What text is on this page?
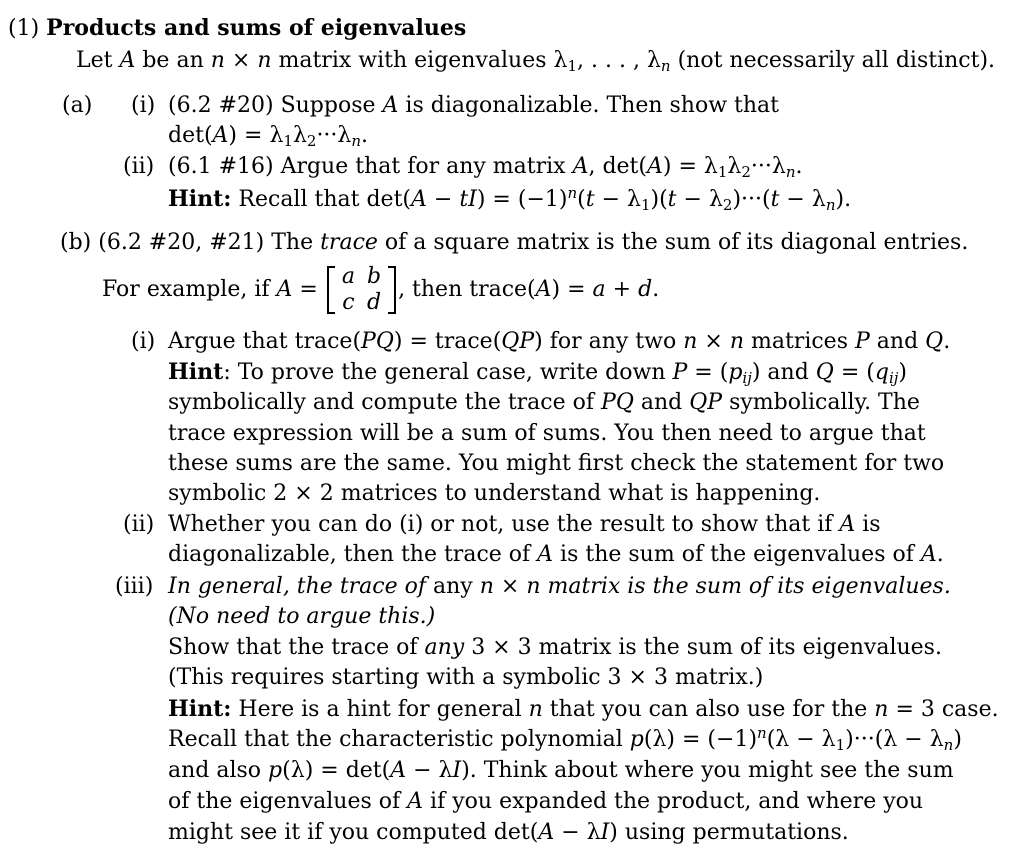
(1) Products and sums of eigenvalues
Let A be an n × n matrix with eigenvalues $\lambda_1$, . . . , $\lambda_n$ (not necessarily all distinct).
(a) (i) (6.2 #20) Suppose A is diagonalizable. Then show that
$\det(A) = \lambda_1\lambda_2\cdot\cdot\cdot\lambda_n$.
(ii) (6.1 #16) Argue that for any matrix A, $\det(A) = \lambda_1\lambda_2\cdot\cdot\cdot\lambda_n$.
Hint: Recall that $\det(A - tI) = (-1)^n(t - \lambda_1)(t - \lambda_2)\cdot\cdot\cdot(t - \lambda_n)$.
(b) (6.2 #20, #21) The trace of a square matrix is the sum of its diagonal entries.
For example, if A =
a	b
c	d
, then trace(A) = a + d.
(i) Argue that trace(PQ) = trace(QP) for any two n × n matrices P and Q.
Hint: To prove the general case, write down $P = (p_{ij})$ and $Q = (q_{ij})$
symbolically and compute the trace of PQ and QP symbolically. The
trace expression will be a sum of sums. You then need to argue that
these sums are the same. You might first check the statement for two
symbolic 2 × 2 matrices to understand what is happening.
(ii) Whether you can do (i) or not, use the result to show that if A is
diagonalizable, then the trace of A is the sum of the eigenvalues of A.
(iii) In general, the trace of any n × n matrix is the sum of its eigenvalues.
(No need to argue this.)
Show that the trace of any 3 × 3 matrix is the sum of its eigenvalues.
(This requires starting with a symbolic 3 × 3 matrix.)
Hint: Here is a hint for general n that you can also use for the n = 3 case.
Recall that the characteristic polynomial $p(\lambda) = (-1)^n(\lambda - \lambda_1)\cdot\cdot\cdot(\lambda - \lambda_n)$
and also p(λ) = det(A − λI). Think about where you might see the sum
of the eigenvalues of A if you expanded the product, and where you
might see it if you computed det(A − λI) using permutations.
